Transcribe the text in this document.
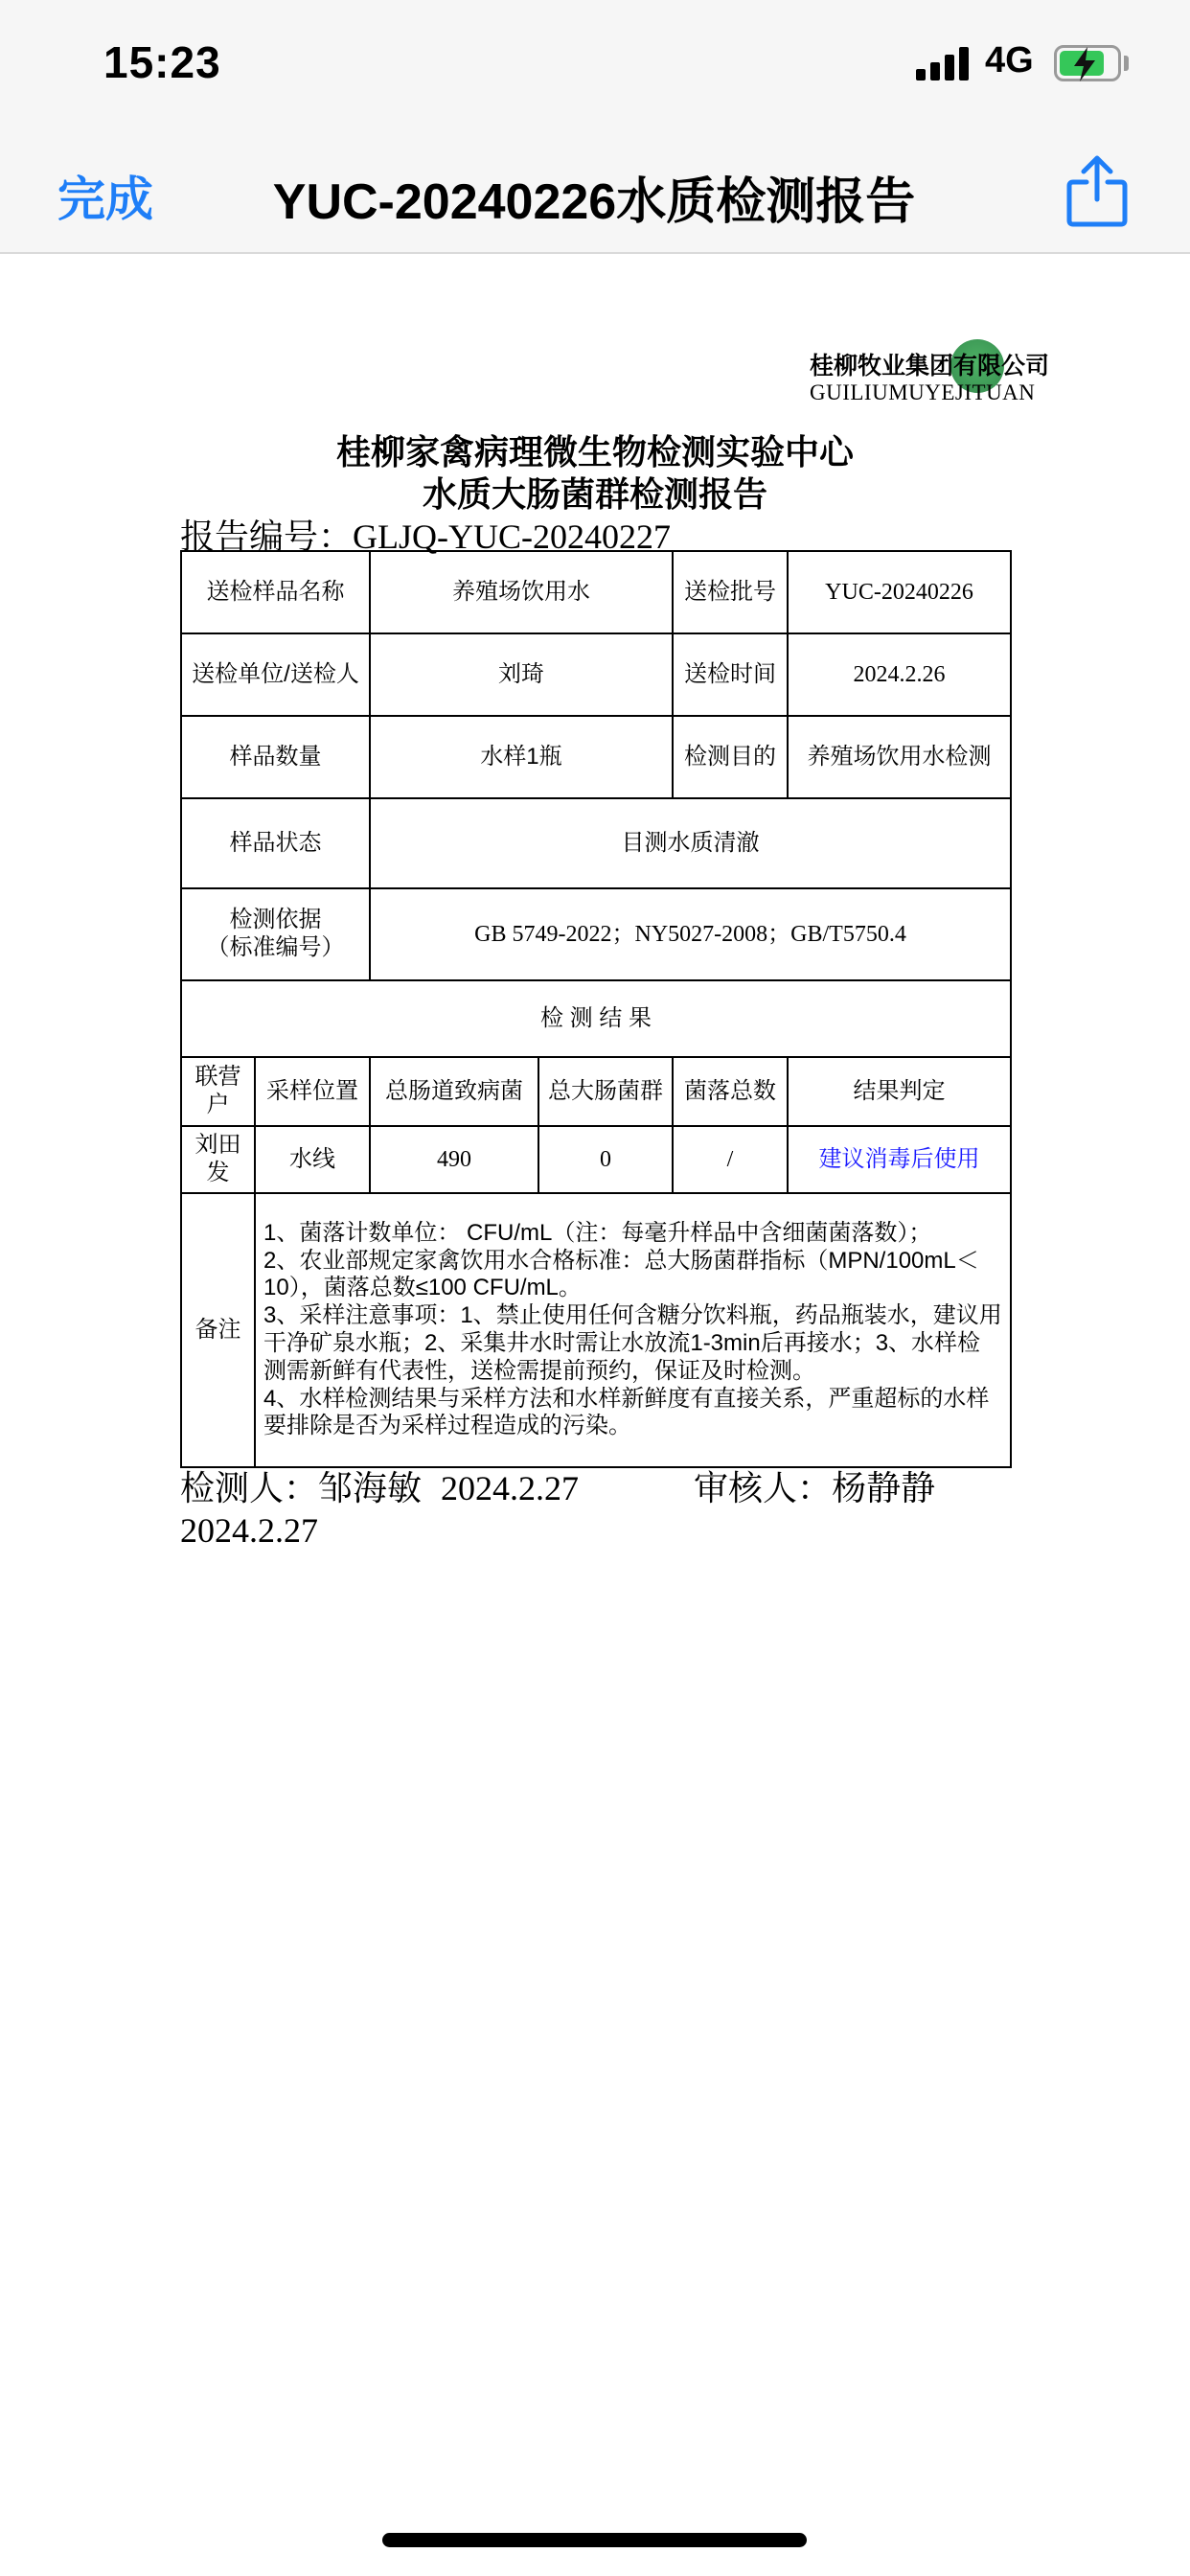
15:23	4G
完成	YUC-20240226水质检测报告
桂柳牧业集团有限公司
GUILIUMUYEJITUAN
桂柳家禽病理微生物检测实验中心
水质大肠菌群检测报告
报告编号：GLJQ-YUC-20240227
送检样品名称		养殖场饮用水		送检批号	YUC-20240226
送检单位/送检人		刘琦		送检时间	2024.2.26
样品数量		水样1瓶		检测目的	养殖场饮用水检测
样品状态		目测水质清澈			

检测依据
（标准编号）		GB 5749-2022；NY5027-2008；GB/T5750.4			
检 测 结 果					
联营户	采样位置	总肠道致病菌	总大肠菌群	菌落总数	结果判定
刘田发	水线	490	0	/	建议消毒后使用
备注	1、菌落计数单位： CFU/mL（注：每毫升样品中含细菌菌落数）；

2、农业部规定家禽饮用水合格标准：总大肠菌群指标（MPN/100mL＜10），菌落总数≤100 CFU/mL。

3、采样注意事项：1、禁止使用任何含糖分饮料瓶，药品瓶装水，建议用干净矿泉水瓶；2、采集井水时需让水放流1-3min后再接水；3、水样检测需新鲜有代表性，送检需提前预约，保证及时检测。

4、水样检测结果与采样方法和水样新鲜度有直接关系，严重超标的水样要排除是否为采样过程造成的污染。				

检测人：邹海敏 2024.2.27	审核人：杨静静
2024.2.27
